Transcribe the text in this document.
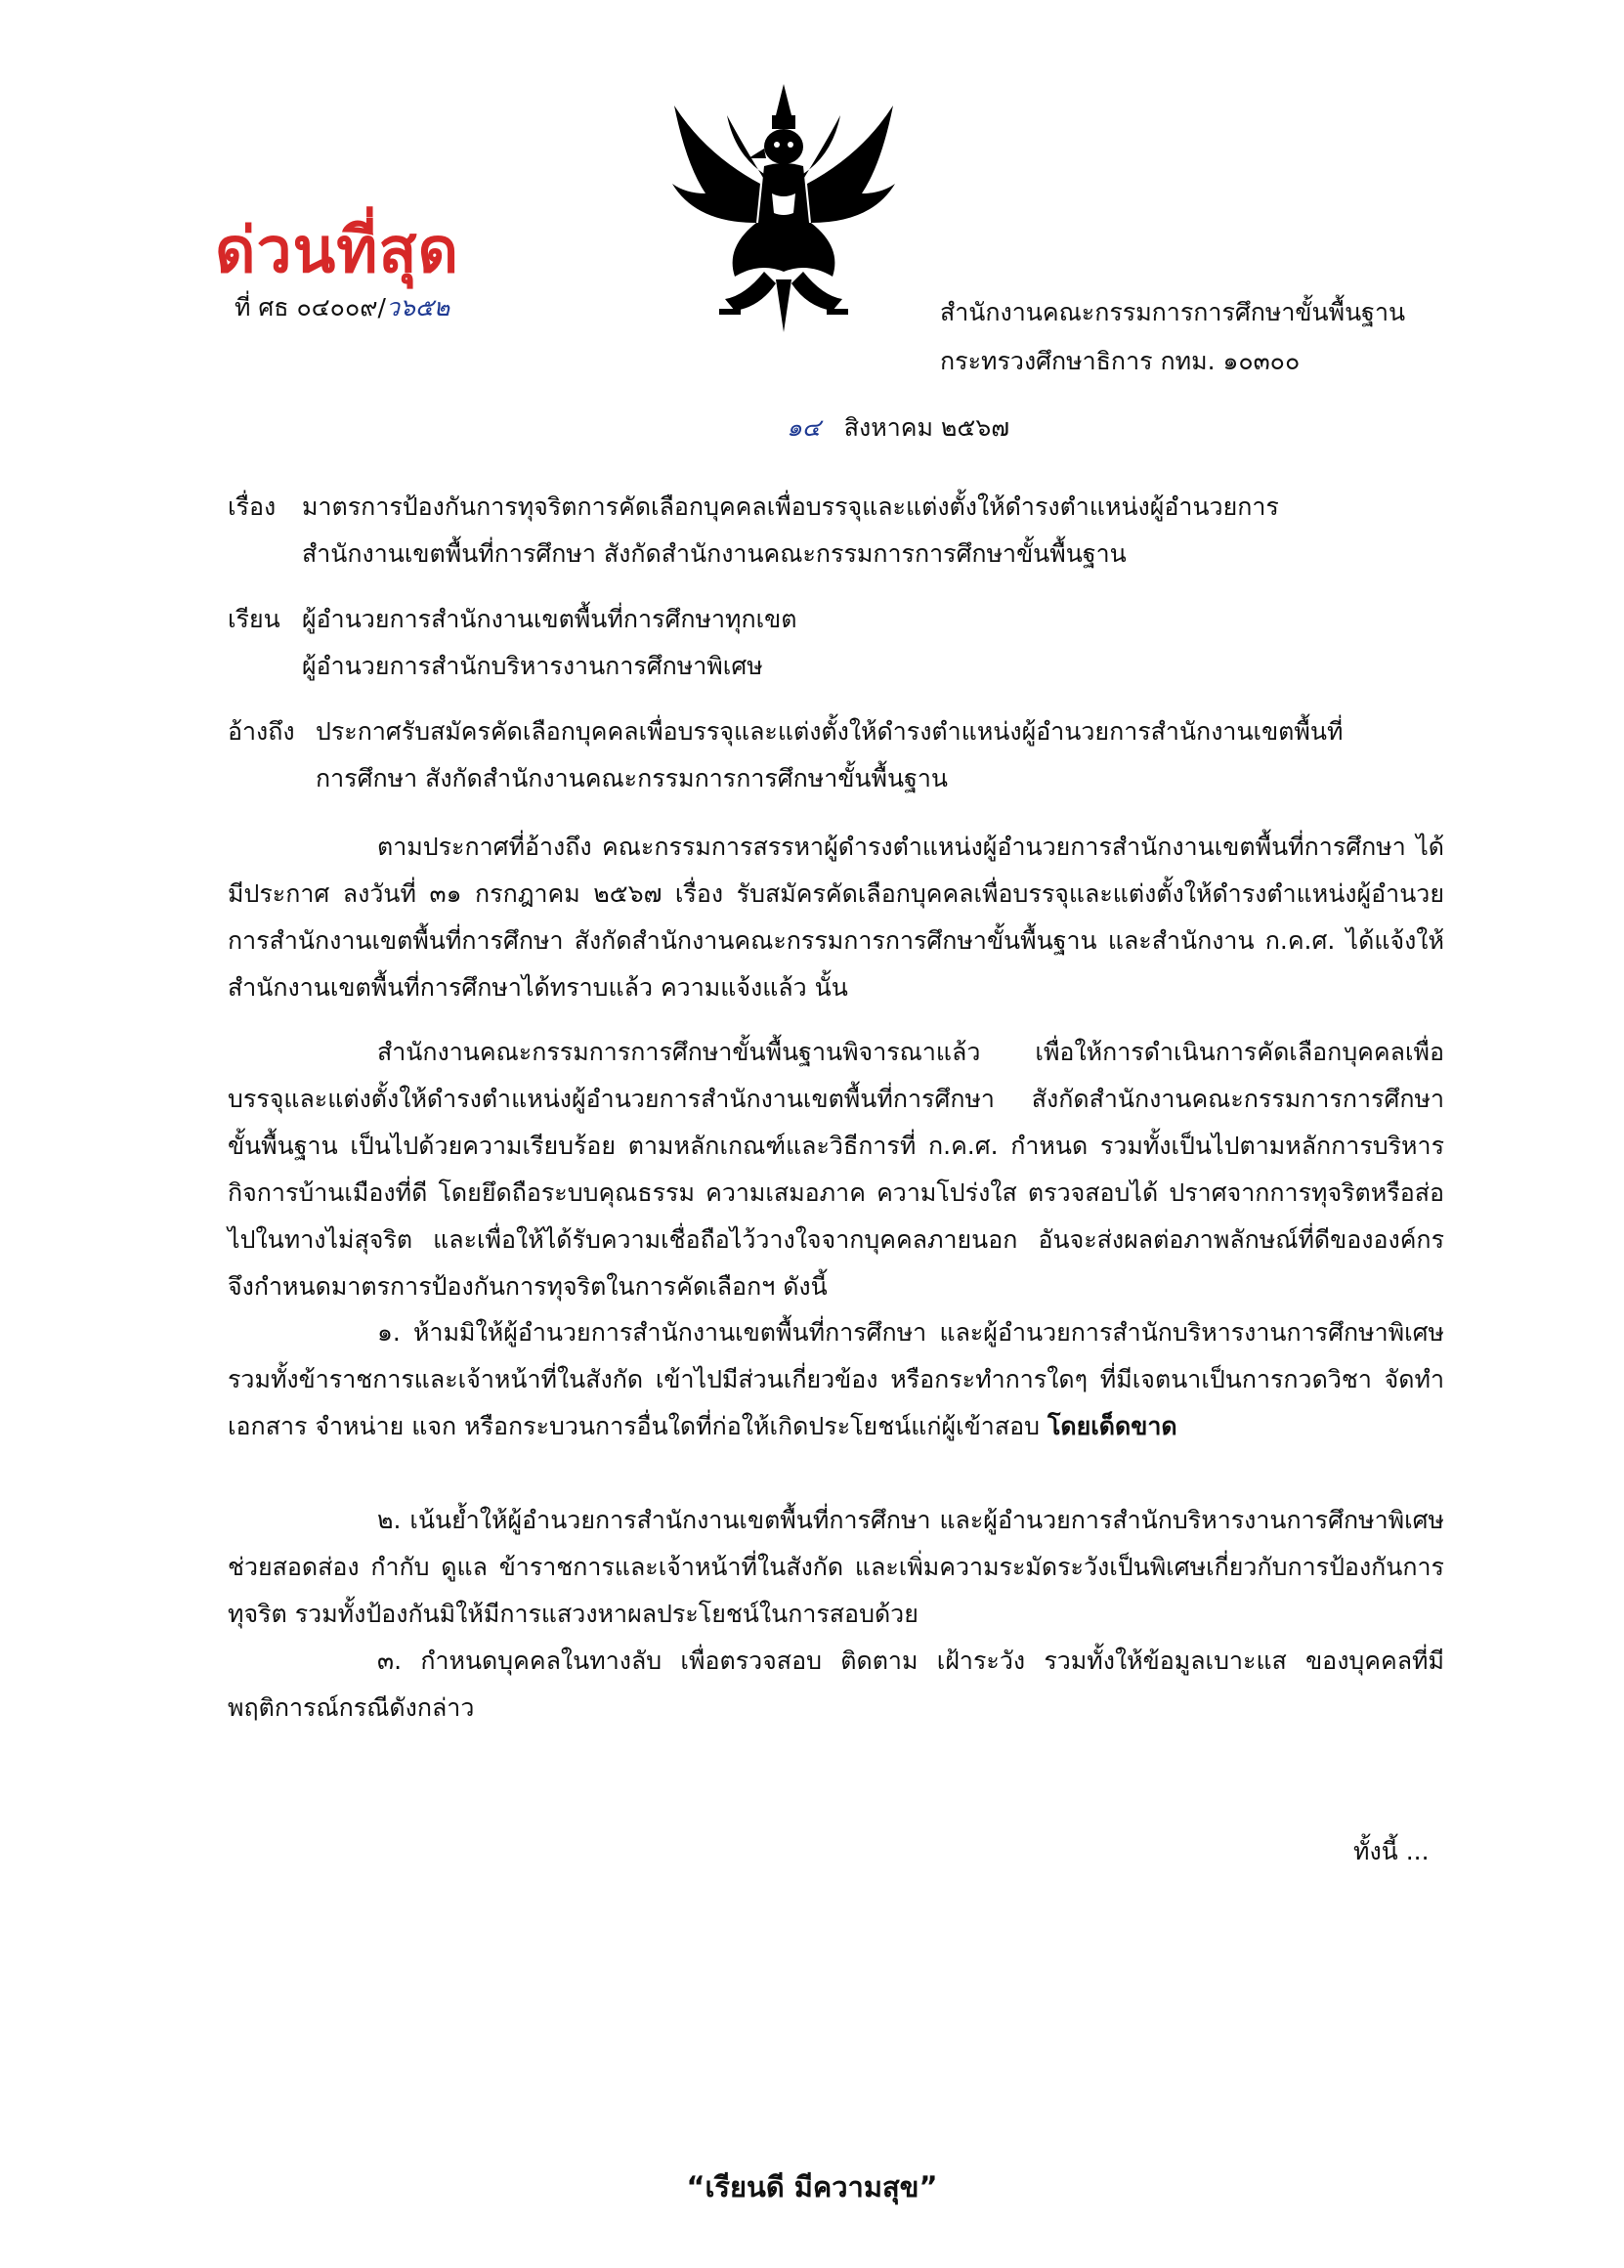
ด่วนที่สุด
ที่ ศธ ๐๔๐๐๙/ว๖๕๒	สำนักงานคณะกรรมการการศึกษาขั้นพื้นฐาน
กระทรวงศึกษาธิการ กทม. ๑๐๓๐๐
๑๔ สิงหาคม ๒๕๖๗
เรื่อง มาตรการป้องกันการทุจริตการคัดเลือกบุคคลเพื่อบรรจุและแต่งตั้งให้ดำรงตำแหน่งผู้อำนวยการ
สำนักงานเขตพื้นที่การศึกษา สังกัดสำนักงานคณะกรรมการการศึกษาขั้นพื้นฐาน
เรียน ผู้อำนวยการสำนักงานเขตพื้นที่การศึกษาทุกเขต
ผู้อำนวยการสำนักบริหารงานการศึกษาพิเศษ
อ้างถึง ประกาศรับสมัครคัดเลือกบุคคลเพื่อบรรจุและแต่งตั้งให้ดำรงตำแหน่งผู้อำนวยการสำนักงานเขตพื้นที่
การศึกษา สังกัดสำนักงานคณะกรรมการการศึกษาขั้นพื้นฐาน
ตามประกาศที่อ้างถึง คณะกรรมการสรรหาผู้ดำรงตำแหน่งผู้อำนวยการสำนักงานเขตพื้นที่การศึกษา ได้มีประกาศ ลงวันที่ ๓๑ กรกฎาคม ๒๕๖๗ เรื่อง รับสมัครคัดเลือกบุคคลเพื่อบรรจุและแต่งตั้งให้ดำรงตำแหน่งผู้อำนวยการสำนักงานเขตพื้นที่การศึกษา สังกัดสำนักงานคณะกรรมการการศึกษาขั้นพื้นฐาน และสำนักงาน ก.ค.ศ. ได้แจ้งให้สำนักงานเขตพื้นที่การศึกษาได้ทราบแล้ว ความแจ้งแล้ว นั้น
สำนักงานคณะกรรมการการศึกษาขั้นพื้นฐานพิจารณาแล้ว เพื่อให้การดำเนินการคัดเลือกบุคคลเพื่อบรรจุและแต่งตั้งให้ดำรงตำแหน่งผู้อำนวยการสำนักงานเขตพื้นที่การศึกษา สังกัดสำนักงานคณะกรรมการการศึกษาขั้นพื้นฐาน เป็นไปด้วยความเรียบร้อย ตามหลักเกณฑ์และวิธีการที่ ก.ค.ศ. กำหนด รวมทั้งเป็นไปตามหลักการบริหารกิจการบ้านเมืองที่ดี โดยยึดถือระบบคุณธรรม ความเสมอภาค ความโปร่งใส ตรวจสอบได้ ปราศจากการทุจริตหรือส่อไปในทางไม่สุจริต และเพื่อให้ได้รับความเชื่อถือไว้วางใจจากบุคคลภายนอก อันจะส่งผลต่อภาพลักษณ์ที่ดีขององค์กร จึงกำหนดมาตรการป้องกันการทุจริตในการคัดเลือกฯ ดังนี้
๑. ห้ามมิให้ผู้อำนวยการสำนักงานเขตพื้นที่การศึกษา และผู้อำนวยการสำนักบริหารงานการศึกษาพิเศษ รวมทั้งข้าราชการและเจ้าหน้าที่ในสังกัด เข้าไปมีส่วนเกี่ยวข้อง หรือกระทำการใดๆ ที่มีเจตนาเป็นการกวดวิชา จัดทำเอกสาร จำหน่าย แจก หรือกระบวนการอื่นใดที่ก่อให้เกิดประโยชน์แก่ผู้เข้าสอบ โดยเด็ดขาด
๒. เน้นย้ำให้ผู้อำนวยการสำนักงานเขตพื้นที่การศึกษา และผู้อำนวยการสำนักบริหารงานการศึกษาพิเศษ ช่วยสอดส่อง กำกับ ดูแล ข้าราชการและเจ้าหน้าที่ในสังกัด และเพิ่มความระมัดระวังเป็นพิเศษเกี่ยวกับการป้องกันการทุจริต รวมทั้งป้องกันมิให้มีการแสวงหาผลประโยชน์ในการสอบด้วย
๓. กำหนดบุคคลในทางลับ เพื่อตรวจสอบ ติดตาม เฝ้าระวัง รวมทั้งให้ข้อมูลเบาะแส ของบุคคลที่มีพฤติการณ์กรณีดังกล่าว
ทั้งนี้ ...
“เรียนดี มีความสุข”
